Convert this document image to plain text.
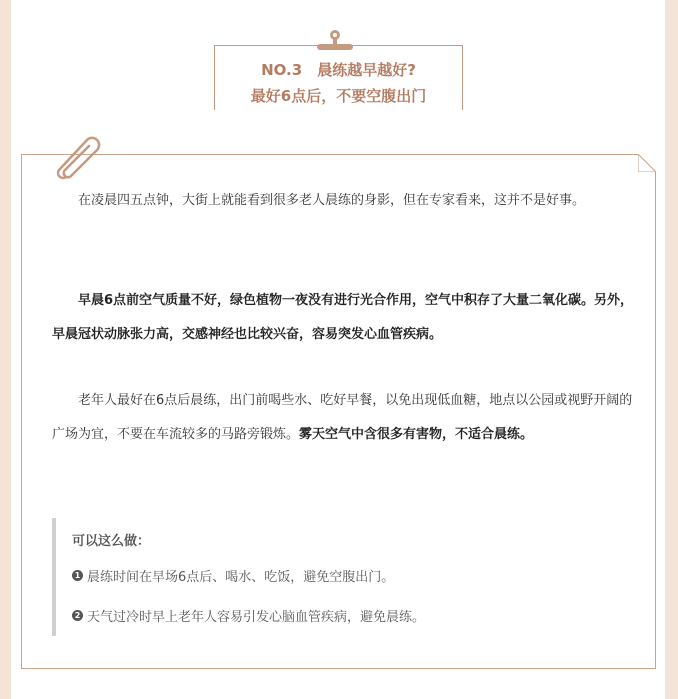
NO.3　晨练越早越好?
最好6点后，不要空腹出门

在凌晨四五点钟，大街上就能看到很多老人晨练的身影，但在专家看来，这并不是好事。

早晨6点前空气质量不好，绿色植物一夜没有进行光合作用，空气中积存了大量二氧化碳。另外，早晨冠状动脉张力高，交感神经也比较兴奋，容易突发心血管疾病。

老年人最好在6点后晨练，出门前喝些水、吃好早餐，以免出现低血糖，地点以公园或视野开阔的广场为宜，不要在车流较多的马路旁锻炼。雾天空气中含很多有害物，不适合晨练。

可以这么做：
1 晨练时间在早场6点后、喝水、吃饭，避免空腹出门。
2 天气过冷时早上老年人容易引发心脑血管疾病，避免晨练。
